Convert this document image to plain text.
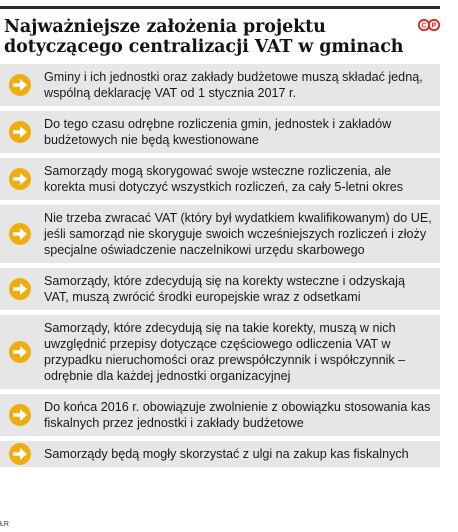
Najważniejsze założenia projektu dotyczącego centralizacji VAT w gminach
C P
Gminy i ich jednostki oraz zakłady budżetowe muszą składać jedną, wspólną deklarację VAT od 1 stycznia 2017 r.
Do tego czasu odrębne rozliczenia gmin, jednostek i zakładów budżetowych nie będą kwestionowane
Samorządy mogą skorygować swoje wsteczne rozliczenia, ale korekta musi dotyczyć wszystkich rozliczeń, za cały 5-letni okres
Nie trzeba zwracać VAT (który był wydatkiem kwalifikowanym) do UE, jeśli samorząd nie skoryguje swoich wcześniejszych rozliczeń i złoży specjalne oświadczenie naczelnikowi urzędu skarbowego
Samorządy, które zdecydują się na korekty wsteczne i odzyskają VAT, muszą zwrócić środki europejskie wraz z odsetkami
Samorządy, które zdecydują się na takie korekty, muszą w nich uwzględnić przepisy dotyczące częściowego odliczenia VAT w przypadku nieruchomości oraz prewspółczynnik i współczynnik – odrębnie dla każdej jednostki organizacyjnej
Do końca 2016 r. obowiązuje zwolnienie z obowiązku stosowania kas fiskalnych przez jednostki i zakłady budżetowe
Samorządy będą mogły skorzystać z ulgi na zakup kas fiskalnych
ŁR
